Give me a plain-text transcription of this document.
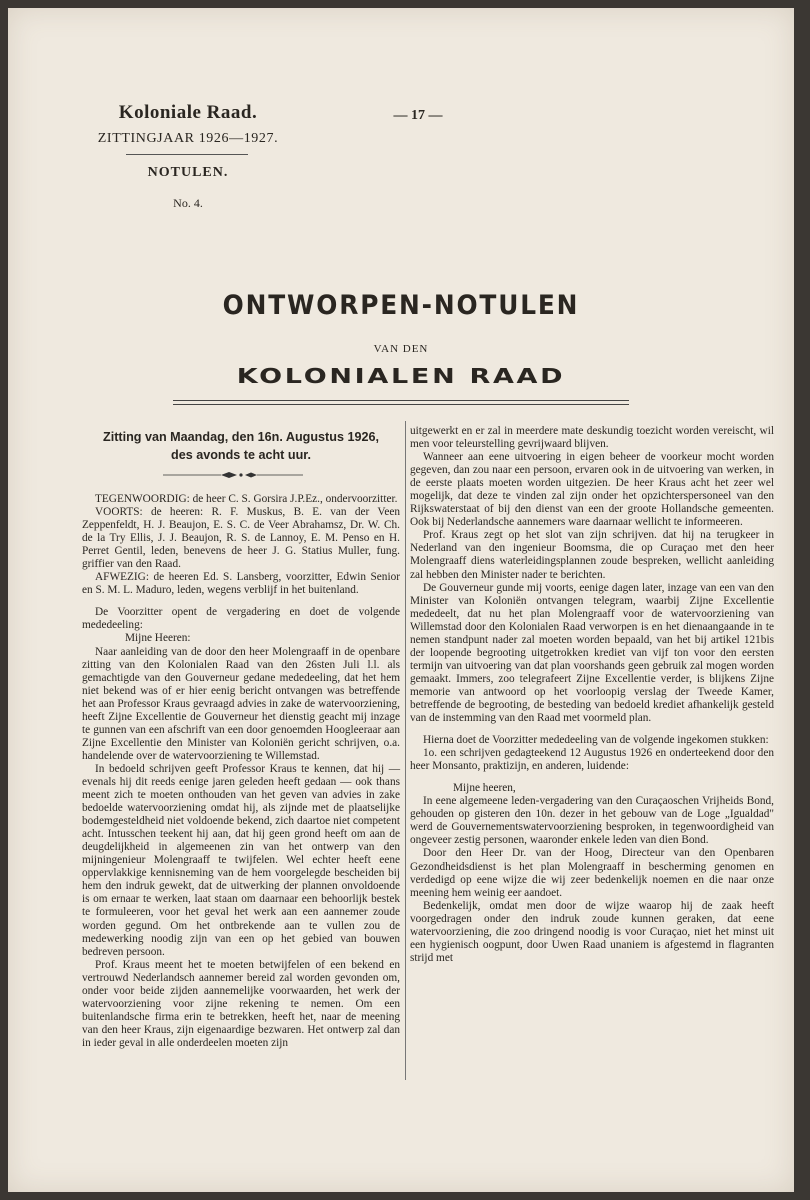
Koloniale Raad.
ZITTINGJAAR 1926—1927.
NOTULEN.
No. 4.
— 17 —
ONTWORPEN-NOTULEN
VAN DEN
KOLONIALEN RAAD
Zitting van Maandag, den 16n. Augustus 1926,
des avonds te acht uur.

TEGENWOORDIG: de heer C. S. Gorsira J.P.Ez., ondervoorzitter.

VOORTS: de heeren: R. F. Muskus, B. E. van der Veen Zeppenfeldt, H. J. Beaujon, E. S. C. de Veer Abrahamsz, Dr. W. Ch. de la Try Ellis, J. J. Beaujon, R. S. de Lannoy, E. M. Penso en H. Perret Gentil, leden, benevens de heer J. G. Statius Muller, fung. griffier van den Raad.

AFWEZIG: de heeren Ed. S. Lansberg, voorzitter, Edwin Senior en S. M. L. Maduro, leden, wegens verblijf in het buitenland.

De Voorzitter opent de vergadering en doet de volgende mededeeling:

Mijne Heeren:

Naar aanleiding van de door den heer Molengraaff in de openbare zitting van den Kolonialen Raad van den 26sten Juli l.l. als gemachtigde van den Gouverneur gedane mededeeling, dat het hem niet bekend was of er hier eenig bericht ontvangen was betreffende het aan Professor Kraus gevraagd advies in zake de watervoorziening, heeft Zijne Excellentie de Gouverneur het dienstig geacht mij inzage te gunnen van een afschrift van een door genoemden Hoogleeraar aan Zijne Excellentie den Minister van Koloniën gericht schrijven, o.a. handelende over de watervoorziening te Willemstad.

In bedoeld schrijven geeft Professor Kraus te kennen, dat hij — evenals hij dit reeds eenige jaren geleden heeft gedaan — ook thans meent zich te moeten onthouden van het geven van advies in zake bedoelde watervoorziening omdat hij, als zijnde met de plaatselijke bodemgesteldheid niet voldoende bekend, zich daartoe niet competent acht. Intusschen teekent hij aan, dat hij geen grond heeft om aan de deugdelijkheid in algemeenen zin van het ontwerp van den mijningenieur Molengraaff te twijfelen. Wel echter heeft eene oppervlakkige kennisneming van de hem voorgelegde bescheiden bij hem den indruk gewekt, dat de uitwerking der plannen onvoldoende is om ernaar te werken, laat staan om daarnaar een behoorlijk bestek te formuleeren, voor het geval het werk aan een aannemer zoude worden gegund. Om het ontbrekende aan te vullen zou de medewerking noodig zijn van een op het gebied van bouwen bedreven persoon.

Prof. Kraus meent het te moeten betwijfelen of een bekend en vertrouwd Nederlandsch aannemer bereid zal worden gevonden om, onder voor beide zijden aannemelijke voorwaarden, het werk der watervoorziening voor zijne rekening te nemen. Om een buitenlandsche firma erin te betrekken, heeft het, naar de meening van den heer Kraus, zijn eigenaardige bezwaren. Het ontwerp zal dan in ieder geval in alle onderdeelen moeten zijn

uitgewerkt en er zal in meerdere mate deskundig toezicht worden vereischt, wil men voor teleurstelling gevrijwaard blijven.

Wanneer aan eene uitvoering in eigen beheer de voorkeur mocht worden gegeven, dan zou naar een persoon, ervaren ook in de uitvoering van werken, in de eerste plaats moeten worden uitgezien. De heer Kraus acht het zeer wel mogelijk, dat deze te vinden zal zijn onder het opzichterspersoneel van den Rijkswaterstaat of bij den dienst van een der groote Hollandsche gemeenten. Ook bij Nederlandsche aannemers ware daarnaar wellicht te informeeren.

Prof. Kraus zegt op het slot van zijn schrijven. dat hij na terugkeer in Nederland van den ingenieur Boomsma, die op Curaçao met den heer Molengraaff diens waterleidingsplannen zoude bespreken, wellicht aanleiding zal hebben den Minister nader te berichten.

De Gouverneur gunde mij voorts, eenige dagen later, inzage van een van den Minister van Koloniën ontvangen telegram, waarbij Zijne Excellentie mededeelt, dat nu het plan Molengraaff voor de watervoorziening van Willemstad door den Kolonialen Raad verworpen is en het dienaangaande in te nemen standpunt nader zal moeten worden bepaald, van het bij artikel 121bis der loopende begrooting uitgetrokken krediet van vijf ton voor den eersten termijn van uitvoering van dat plan voorshands geen gebruik zal mogen worden gemaakt. Immers, zoo telegrafeert Zijne Excellentie verder, is blijkens Zijne memorie van antwoord op het voorloopig verslag der Tweede Kamer, betreffende de begrooting, de besteding van bedoeld krediet afhankelijk gesteld van de instemming van den Raad met voormeld plan.

Hierna doet de Voorzitter mededeeling van de volgende ingekomen stukken:

1o. een schrijven gedagteekend 12 Augustus 1926 en onderteekend door den heer Monsanto, praktizijn, en anderen, luidende:

Mijne heeren,

In eene algemeene leden-vergadering van den Curaçaoschen Vrijheids Bond, gehouden op gisteren den 10n. dezer in het gebouw van de Loge „Igualdad" werd de Gouvernementswatervoorziening besproken, in tegenwoordigheid van ongeveer zestig personen, waaronder enkele leden van dien Bond.

Door den Heer Dr. van der Hoog, Directeur van den Openbaren Gezondheidsdienst is het plan Molengraaff in bescherming genomen en verdedigd op eene wijze die wij zeer bedenkelijk noemen en die naar onze meening hem weinig eer aandoet.

Bedenkelijk, omdat men door de wijze waarop hij de zaak heeft voorgedragen onder den indruk zoude kunnen geraken, dat eene watervoorziening, die zoo dringend noodig is voor Curaçao, niet het minst uit een hygienisch oogpunt, door Uwen Raad unaniem is afgestemd in flagranten strijd met
